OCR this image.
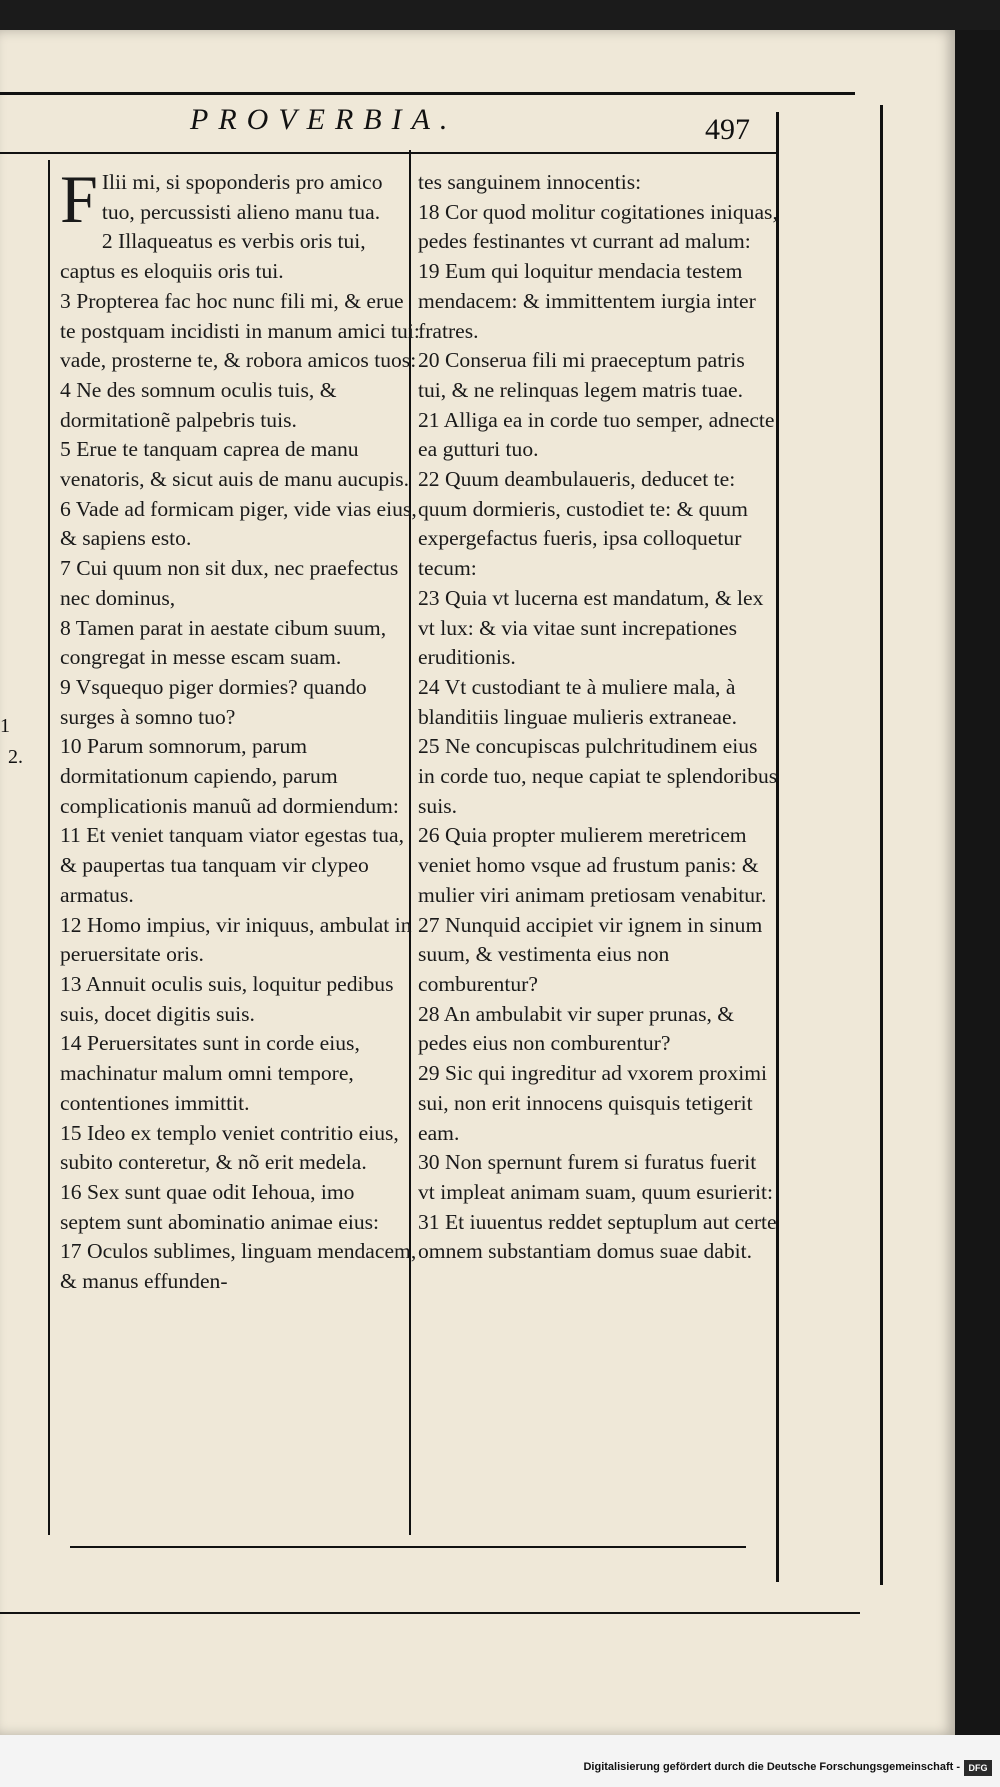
PROVERBIA.	497
1
2.
F Ilii mi, si spoponderis pro amico tuo, percussisti alieno manu tua.
2 Illaqueatus es verbis oris tui, captus es eloquiis oris tui.
3 Propterea fac hoc nunc fili mi, & erue te postquam incidisti in manum amici tui: vade, prosterne te, & robora amicos tuos:
4 Ne des somnum oculis tuis, & dormitationẽ palpebris tuis.
5 Erue te tanquam caprea de manu venatoris, & sicut auis de manu aucupis.
6 Vade ad formicam piger, vide vias eius, & sapiens esto.
7 Cui quum non sit dux, nec praefectus nec dominus,
8 Tamen parat in aestate cibum suum, congregat in messe escam suam.
9 Vsquequo piger dormies? quando surges à somno tuo?
10 Parum somnorum, parum dormitationum capiendo, parum complicationis manuũ ad dormiendum:
11 Et veniet tanquam viator egestas tua, & paupertas tua tanquam vir clypeo armatus.
12 Homo impius, vir iniquus, ambulat in peruersitate oris.
13 Annuit oculis suis, loquitur pedibus suis, docet digitis suis.
14 Peruersitates sunt in corde eius, machinatur malum omni tempore, contentiones immittit.
15 Ideo ex templo veniet contritio eius, subito conteretur, & nõ erit medela.
16 Sex sunt quae odit Iehoua, imo septem sunt abominatio animae eius:
17 Oculos sublimes, linguam mendacem, & manus effunden-
tes sanguinem innocentis:
18 Cor quod molitur cogitationes iniquas, pedes festinantes vt currant ad malum:
19 Eum qui loquitur mendacia testem mendacem: & immittentem iurgia inter fratres.
20 Conserua fili mi praeceptum patris tui, & ne relinquas legem matris tuae.
21 Alliga ea in corde tuo semper, adnecte ea gutturi tuo.
22 Quum deambulaueris, deducet te: quum dormieris, custodiet te: & quum expergefactus fueris, ipsa colloquetur tecum:
23 Quia vt lucerna est mandatum, & lex vt lux: & via vitae sunt increpationes eruditionis.
24 Vt custodiant te à muliere mala, à blanditiis linguae mulieris extraneae.
25 Ne concupiscas pulchritudinem eius in corde tuo, neque capiat te splendoribus suis.
26 Quia propter mulierem meretricem veniet homo vsque ad frustum panis: & mulier viri animam pretiosam venabitur.
27 Nunquid accipiet vir ignem in sinum suum, & vestimenta eius non comburentur?
28 An ambulabit vir super prunas, & pedes eius non comburentur?
29 Sic qui ingreditur ad vxorem proximi sui, non erit innocens quisquis tetigerit eam.
30 Non spernunt furem si furatus fuerit vt impleat animam suam, quum esurierit:
31 Et iuuentus reddet septuplum aut certe omnem substantiam domus suae dabit.
Digitalisierung gefördert durch die Deutsche Forschungsgemeinschaft - DFG
